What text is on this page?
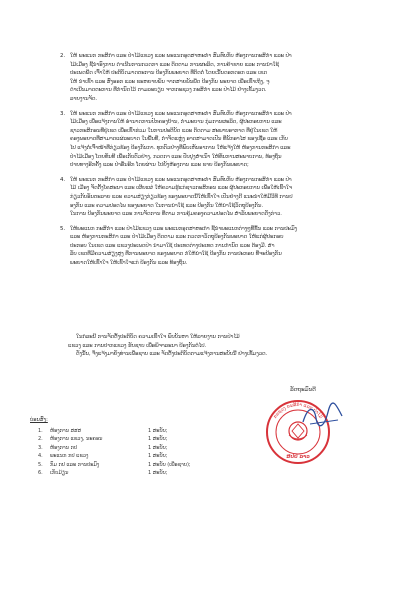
2. ໃຫ້ ພະແນກ ກະສິກຳ ແລະ ປ່າໄມ້ແຂວງ ແລະ ພະແນກອຸດສາຫະກຳ ສົມທົບກັບ ຫ້ອງການກະສິກຳ ແລະ ປ່າ
ໄມ້ເມືອງ ຊີ້ນຳອົງການ ດຳເນີນການກວດກາ ແລະ ຕິດຕາມ ການຜະລິດ, ການຄ້າຂາຍ ແລະ ການນຳໃຊ້
ປະເພດພືດ ເຈົ້າໃຫ້ ປະຕິບັດມາດຕະການ ປ້ອງກັນພະຍາດ ທີ່ຕິດຕໍ່ ໂດຍເນັ້ນດອກດອກ ແລະ ເຂດ
ໃຫ້ ນຳເຂົ້າ ແລະ ສົ່ງອອກ ແລະ ຂະຫຍາຍພັນ ຈາກສາຍພັນພືດ ປ້ອງກັນ ພະຍາດ ເພື່ອເຂົ້າເຖິງ, ຈຸ
ດຳເນີນມາດຕະການ ທີ່ກຳນົດໄວ້ ຕາມລະບຽບ ຈາກກະຊວງ ກະສິກຳ ແລະ ປ່າໄມ້ ຢ່າງເຂັ້ມງວດ.
ລາຍງານຈັດ.
3. ໃຫ້ ພະແນກ ກະສິກຳ ແລະ ປ່າໄມ້ແຂວງ ແລະ ພະແນກອຸດສາຫະກຳ ສົມທົບກັບ ຫ້ອງການກະສິກຳ ແລະ ປ່າ
ໄມ້ເມືອງ ເພື່ອແຈ້ງການໃຫ້ ອຳນາດການປົກຄອງບ້ານ, ກຳມະບານ ກຸ່ມການຜະລິດ, ຜູ້ປະກອບການ ແລະ
ຊາວກະສິກອນທີ່ຢູ່ເຂດ ເພື່ອເຂົ້າຮ່ວມ ໃນການປະຕິບັດ ແລະ ຕິດຕາມ ສະພາບອາກາດ ທີ່ຢູ່ໃນເຂດ ໃຫ້
ຄອງພະຍາດທີ່ສາມາດແຜ່ລະບາດ ໃນພື້ນທີ່, ກຳຈັດແຫຼ່ງ ອາດສາມາດເປັນ ທີ່ພັກອາໄສ ຂອງເຊື້ອ ແລະ ເກັບ
ໄປ ແຈ້ງຕໍ່ເຈົ້າໜ້າທີ່ກ່ຽວຂ້ອງ ປ້ອງກັນກາ. ທຸກຕົວຢ່າງທີ່ພົບເຫັນອາການ ໃຫ້ແຈ້ງໃຫ້ ຫ້ອງການກະສິກຳ ແລະ
ປ່າໄມ້ເມືອງ ໂດຍທັນທີ ເພື່ອເກັບຕົວຢ່າງ, ກວດກາ ແລະ ປັບປຸງສຳເນົາ ໃຫ້ທັນການສະພາບການ, ທ້ອງຖິ່ນ
ປາຍທາງອີກຄັ້ງ ແລະ ປ່າອື່ນອີກ ໂດຍຜ່ານ ໄປຍັງຫ້ອງການ ແລະ ຂາຍ ປ້ອງກັນພະຍາດ;
4. ໃຫ້ ພະແນກ ກະສິກຳ ແລະ ປ່າໄມ້ແຂວງ ແລະ ພະແນກອຸດສາຫະກຳ ສົມທົບກັບ ຫ້ອງການກະສິກຳ ແລະ ປ່າ
ໄມ້ ເມືອງ ຈັດຕັ້ງໂຄສະນາ ແລະ ເຜີຍແຜ່ ໃຫ້ຄວາມຮູ້ແກ່ຊາວກະສິກອນ ແລະ ຜູ້ປະກອບການ ເພື່ອໃຫ້ເຂົ້າໃຈ
ກ່ຽວກັບອັນຕະລາຍ ແລະ ຄວາມສ່ຽງກ່ຽວຂ້ອງ ຂອງພະຍາດນີ້ໃຫ້ເຂົ້າໃຈ ເປັນຢ່າງດີ ແນະນຳໃຫ້ມີວິທີ ການປ
ອງກັນ ແລະ ຄວາມປອດໄພ ຂອງພະຍາດ ໃນການນຳໃຊ້ ແລະ ປ້ອງກັນ ໃຫ້ນຳໃຊ້ວັດຖຸປ້ອງກັນ.
ໃນການ ປ້ອງກັນພະຍາດ ແລະ ການຈັດການ ທີ່ຕາມ ການຄຸ້ມຄອງຄວາມປອດໄພ ສຳລັບພະຍາດດັ່ງກ່າວ.
5. ໃຫ້ພະແນກ ກະສິກຳ ແລະ ປ່າໄມ້ແຂວງ ແລະ ພະແນກອຸດສາຫະກຳ ຊີ້ນຳພະແນກຕ່າງໆທີ່ຂຶ້ນ ແລະ ການປະມົງ
ແລະ ຫ້ອງການກະສິກຳ ແລະ ປ່າໄມ້ເມືອງ ຕິດຕາມ ແລະ ກວດກາວັດຖຸປ້ອງກັນພະຍາດ ໃຫ້ແກ່ຜູ້ປະກອບ
ປະກອບ ໃນເຂດ ແລະ ແຂວງປະເພດປ່າ ນຳມາໃຊ້ ປະເທດຕ່າງປະເທດ ການກຳນົດ ແລະ ຕ້ອງມີ. ສຳ
ລັບ ເຂດທີ່ມີຄວາມສ່ຽງສູງ ທີ່ການພະຍາດ ຂອງພະຍາດ ກໍໃຫ້ນຳໃຊ້ ປ້ອງກັນ ການປະກອບ ທີ່ຈະປ້ອງກັນ
ພະຍາດໃຫ້ເຂົ້າໃຈ ໃຫ້ເຂົ້າໃຈແກ່ ປ້ອງກັນ ແລະ ທ້ອງຖິ່ນ.
ໃນກໍລະນີ ການຈັດຕັ້ງປະຕິບັດ ຄວາມເຂົ້າໃຈ ພົບບັນຫາ ໃຫ້ລາຍງານ ການປ່າໄມ້
ແຂວງ ແລະ ການປາກແຂວງ ຮັບຊາບ ເພື່ອພິຈາລະນາ ປ້ອງກັນຕໍ່ໄປ.
ດັ່ງນັ້ນ, ຈຶ່ງແຈ້ງມາຍັງທ່ານເພື່ອຊາບ ແລະ ຈັດຕັ້ງປະຕິບັດຕາມແຈ້ງການສະບັບນີ້ ຢ່າງເຂັ້ມງວດ.
ລັດຖະມົນຕີ
ກະຊວງ ກະສິກຳ ແລະ ປ່າໄມ້
ສປປ ລາວ
ບ່ອນສົ່ງ:
1. ຫ້ອງການ ສສສ	1 ສະບັບ;
2. ຫ້ອງການ ແຂວງ, ນະຄອນ	1 ສະບັບ;
3. ຫ້ອງການ ກປ	1 ສະບັບ;
4. ພະແນກ ກປ ແຂວງ	1 ສະບັບ;
5. ກົມ ກປ ແລະ ການປະມົງ	1 ສະບັບ (ເພື່ອຊາບ);
6. ເກັບມ້ຽນ	1 ສະບັບ;
